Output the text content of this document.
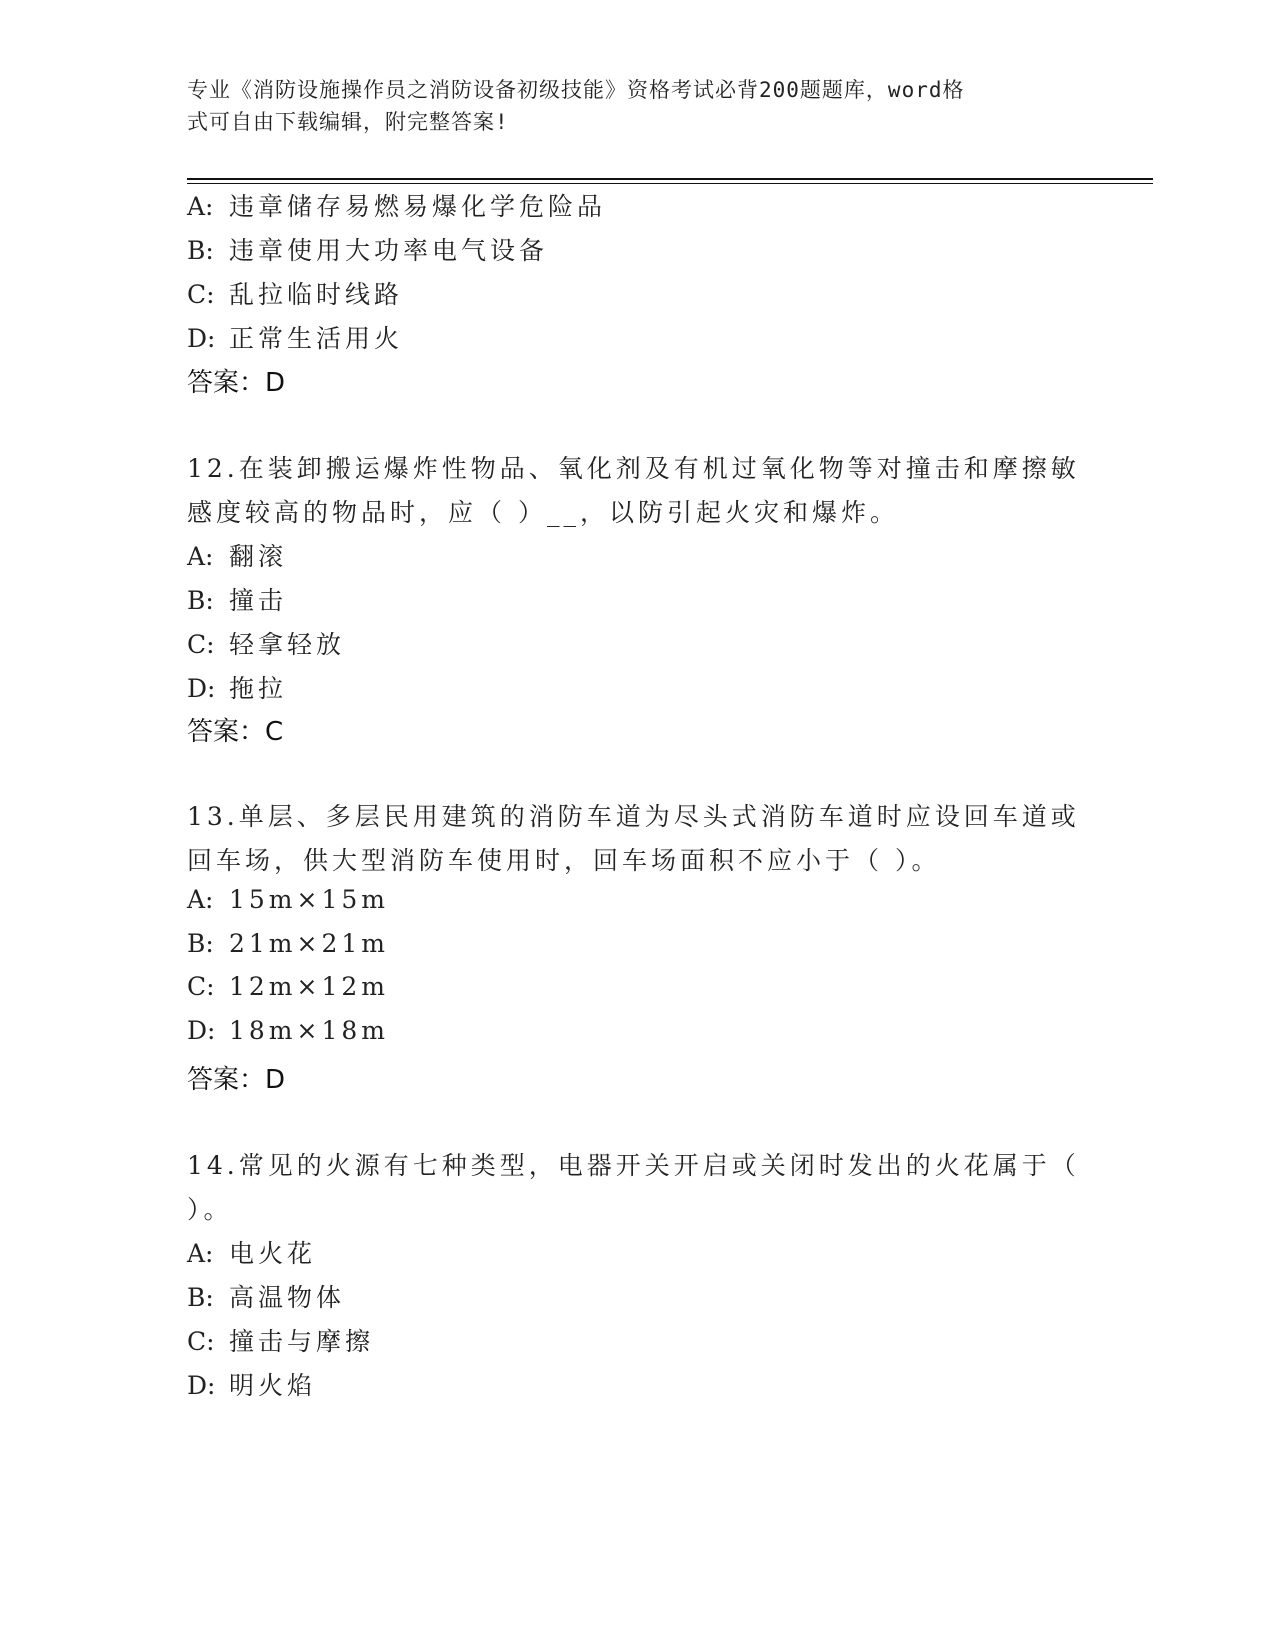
专业《消防设施操作员之消防设备初级技能》资格考试必背200题题库，word格
式可自由下载编辑，附完整答案!
A: 违章储存易燃易爆化学危险品
B: 违章使用大功率电气设备
C: 乱拉临时线路
D: 正常生活用火
答案：D
12.在装卸搬运爆炸性物品、氧化剂及有机过氧化物等对撞击和摩擦敏
感度较高的物品时，应（ ）__，以防引起火灾和爆炸。
A: 翻滚
B: 撞击
C: 轻拿轻放
D: 拖拉
答案：C
13.单层、多层民用建筑的消防车道为尽头式消防车道时应设回车道或
回车场，供大型消防车使用时，回车场面积不应小于（ ）。
A: 15m×15m
B: 21m×21m
C: 12m×12m
D: 18m×18m
答案：D
14.常见的火源有七种类型，电器开关开启或关闭时发出的火花属于（
）。
A: 电火花
B: 高温物体
C: 撞击与摩擦
D: 明火焰
